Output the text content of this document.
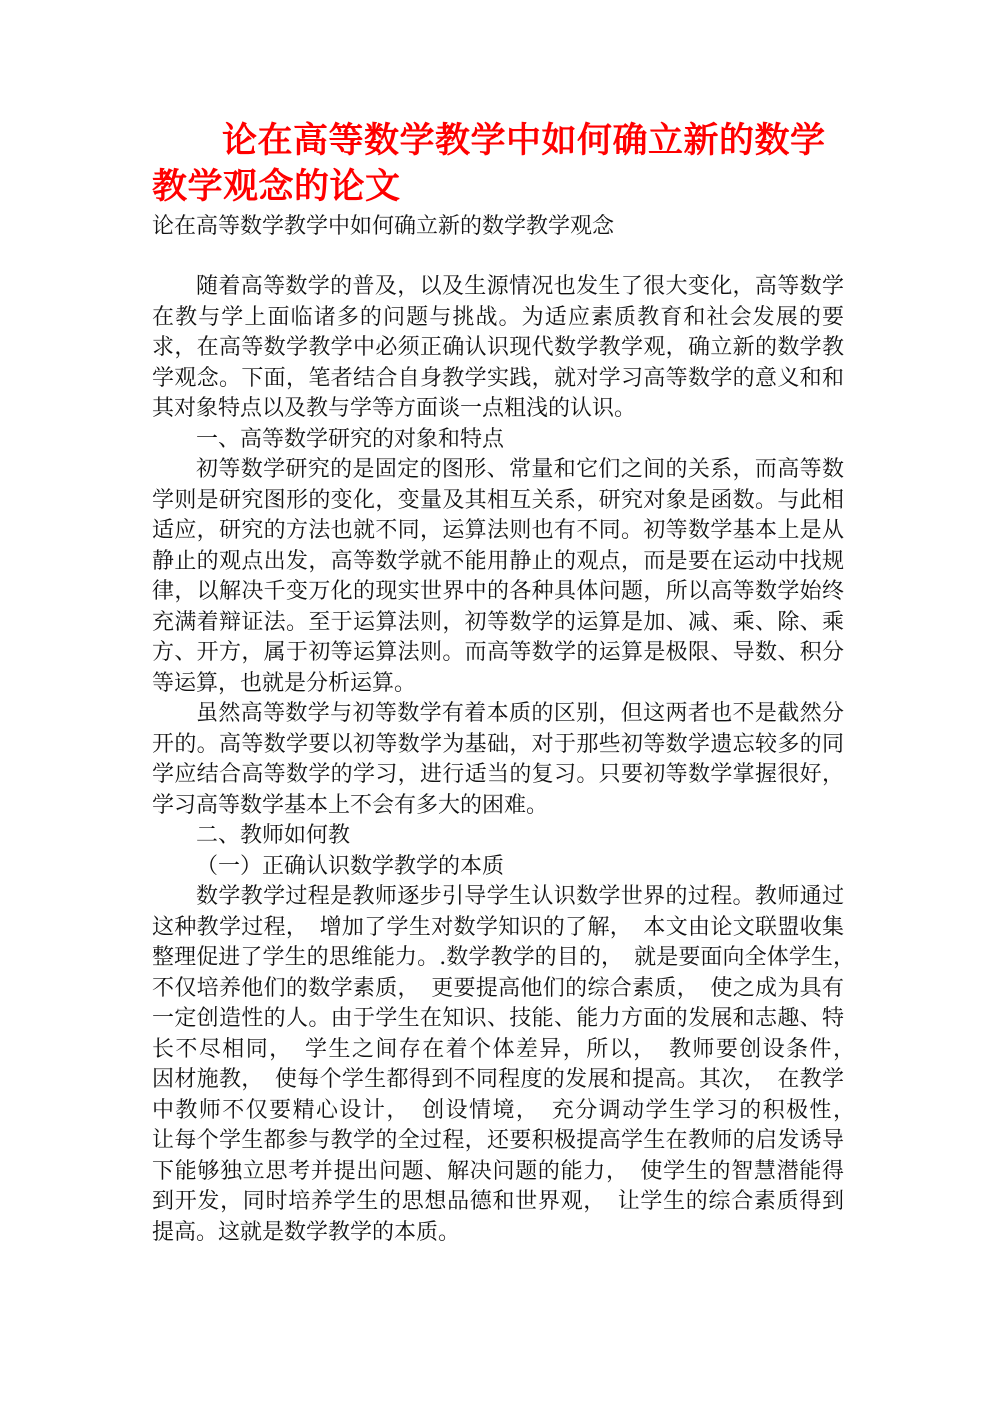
论在高等数学教学中如何确立新的数学教学观念的论文

论在高等数学教学中如何确立新的数学教学观念

随着高等数学的普及，以及生源情况也发生了很大变化，高等数学在教与学上面临诸多的问题与挑战。为适应素质教育和社会发展的要求，在高等数学教学中必须正确认识现代数学教学观，确立新的数学教学观念。下面，笔者结合自身教学实践，就对学习高等数学的意义和和其对象特点以及教与学等方面谈一点粗浅的认识。

一、高等数学研究的对象和特点

初等数学研究的是固定的图形、常量和它们之间的关系，而高等数学则是研究图形的变化，变量及其相互关系，研究对象是函数。与此相适应，研究的方法也就不同，运算法则也有不同。初等数学基本上是从静止的观点出发，高等数学就不能用静止的观点，而是要在运动中找规律，以解决千变万化的现实世界中的各种具体问题，所以高等数学始终充满着辩证法。至于运算法则，初等数学的运算是加、减、乘、除、乘方、开方，属于初等运算法则。而高等数学的运算是极限、导数、积分等运算，也就是分析运算。

虽然高等数学与初等数学有着本质的区别，但这两者也不是截然分开的。高等数学要以初等数学为基础，对于那些初等数学遗忘较多的同学应结合高等数学的学习，进行适当的复习。只要初等数学掌握很好，学习高等数学基本上不会有多大的困难。

二、教师如何教

（一）正确认识数学教学的本质

数学教学过程是教师逐步引导学生认识数学世界的过程。教师通过这种教学过程，　增加了学生对数学知识的了解，　本文由论文联盟收集整理促进了学生的思维能力。.数学教学的目的，　就是要面向全体学生，　不仅培养他们的数学素质，　更要提高他们的综合素质，　使之成为具有一定创造性的人。由于学生在知识、技能、能力方面的发展和志趣、特长不尽相同，　学生之间存在着个体差异，所以，　教师要创设条件，　因材施教，　使每个学生都得到不同程度的发展和提高。其次，　在教学中教师不仅要精心设计，　创设情境，　充分调动学生学习的积极性，　让每个学生都参与教学的全过程，还要积极提高学生在教师的启发诱导下能够独立思考并提出问题、解决问题的能力，　使学生的智慧潜能得到开发，同时培养学生的思想品德和世界观，　让学生的综合素质得到提高。这就是数学教学的本质。
